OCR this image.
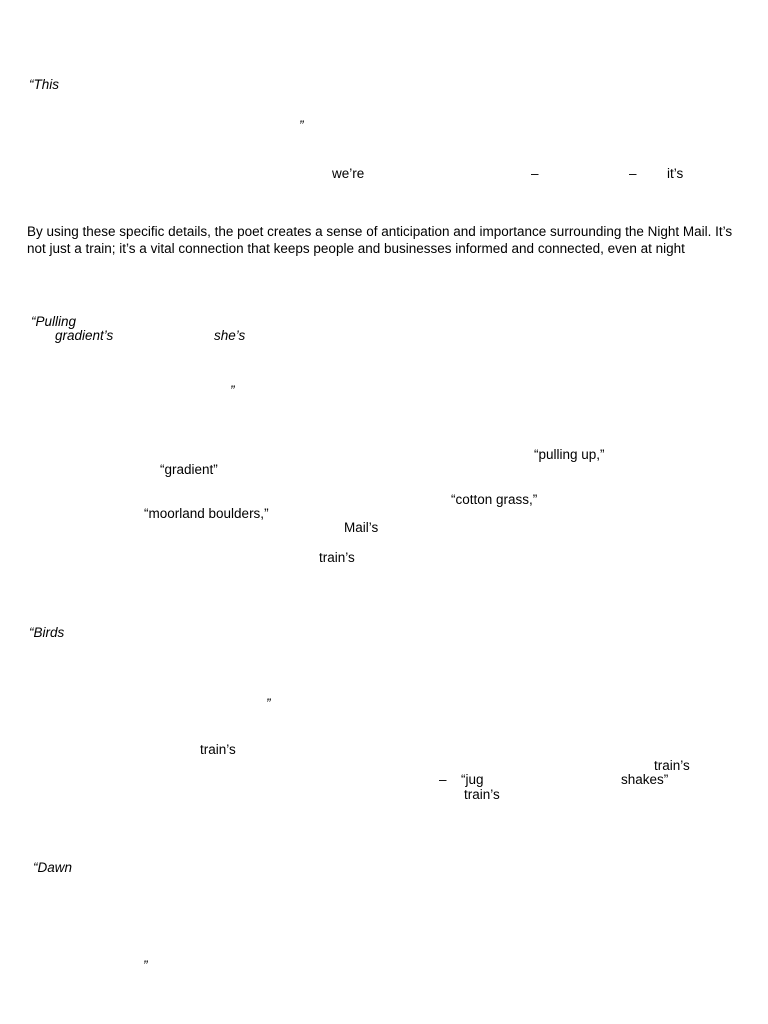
“This
”
we’re	–	– it’s
By using these specific details, the poet creates a sense of anticipation and importance surrounding the Night Mail. It’s not just a train; it’s a vital connection that keeps people and businesses informed and connected, even at night
“Pulling
gradient’s	she’s
”
“pulling up,”
“gradient”
“cotton grass,”
“moorland boulders,”
Mail’s
train’s
“Birds
”
train’s
train’s
– “jug	shakes”
train’s
“Dawn
”
